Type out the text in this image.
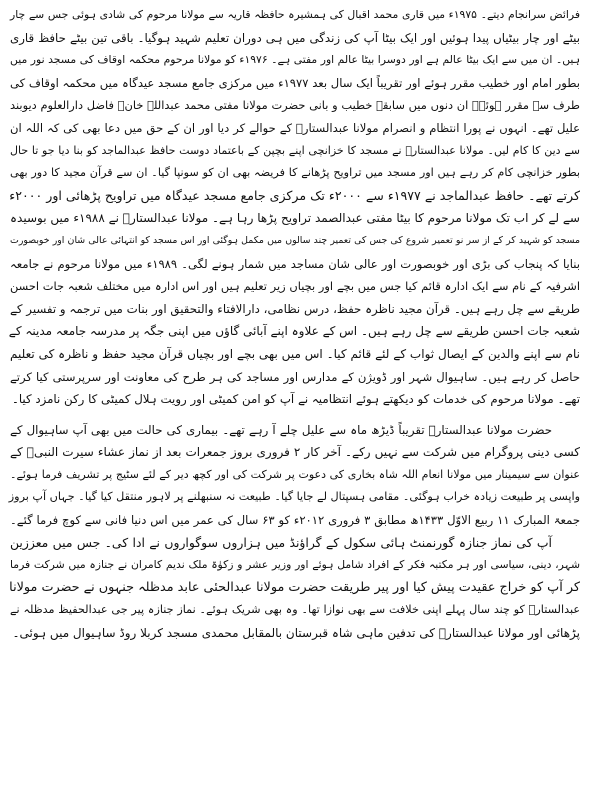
فرائض سرانجام دیتے۔ ۱۹۷۵ء میں قاری محمد اقبال کی ہمشیرہ حافظہ قاریہ سے مولانا مرحوم کی شادی ہوئی جس سے چار
بیٹے اور چار بیٹیاں پیدا ہوئیں اور ایک بیٹا آپ کی زندگی میں ہی دوران تعلیم شہید ہوگیا۔ باقی تین بیٹے حافظ قاری
ہیں۔ ان میں سے ایک بیٹا عالم ہے اور دوسرا بیٹا عالم اور مفتی ہے۔ ۱۹۷۶ء کو مولانا مرحوم محکمہ اوقاف کی مسجد نور میں
بطور امام اور خطیب مقرر ہوئے اور تقریباً ایک سال بعد ۱۹۷۷ء میں مرکزی جامع مسجد عیدگاہ میں محکمہ اوقاف کی
طرف سے مقرر ہوئے۔ ان دنوں میں سابقہ خطیب و بانی حضرت مولانا مفتی محمد عبداللہ خانؒ فاضل دارالعلوم دیوبند
علیل تھے۔ انہوں نے پورا انتظام و انصرام مولانا عبدالستارؒ کے حوالے کر دیا اور ان کے حق میں دعا بھی کی کہ اللہ ان
سے دین کا کام لیں۔ مولانا عبدالستارؒ نے مسجد کا خزانچی اپنے بچپن کے باعتماد دوست حافظ عبدالماجد کو بنا دیا جو تا حال
بطور خزانچی کام کر رہے ہیں اور مسجد میں تراویح پڑھانے کا فریضہ بھی ان کو سونپا گیا۔ ان سے قرآن مجید کا دور بھی
کرتے تھے۔ حافظ عبدالماجد نے ۱۹۷۷ء سے ۲۰۰۰ء تک مرکزی جامع مسجد عیدگاہ میں تراویح پڑھائی اور ۲۰۰۰ء
سے لے کر اب تک مولانا مرحوم کا بیٹا مفتی عبدالصمد تراویح پڑھا رہا ہے۔ مولانا عبدالستارؒ نے ۱۹۸۸ء میں بوسیدہ
مسجد کو شہید کر کے از سر نو تعمیر شروع کی جس کی تعمیر چند سالوں میں مکمل ہوگئی اور اس مسجد کو انتہائی عالی شان اور خوبصورت
بنایا کہ پنجاب کی بڑی اور خوبصورت اور عالی شان مساجد میں شمار ہونے لگی۔ ۱۹۸۹ء میں مولانا مرحوم نے جامعہ
اشرفیہ کے نام سے ایک ادارہ قائم کیا جس میں بچے اور بچیاں زیر تعلیم ہیں اور اس ادارہ میں مختلف شعبہ جات احسن
طریقے سے چل رہے ہیں۔ قرآن مجید ناظرہ حفظ، درس نظامی، دارالافتاء والتحقیق اور بنات میں ترجمہ و تفسیر کے
شعبہ جات احسن طریقے سے چل رہے ہیں۔ اس کے علاوہ اپنے آبائی گاؤں میں اپنی جگہ پر مدرسہ جامعہ مدینہ کے
نام سے اپنے والدین کے ایصال ثواب کے لئے قائم کیا۔ اس میں بھی بچے اور بچیاں قرآن مجید حفظ و ناظرہ کی تعلیم
حاصل کر رہے ہیں۔ ساہیوال شہر اور ڈویژن کے مدارس اور مساجد کی ہر طرح کی معاونت اور سرپرستی کیا کرتے
تھے۔ مولانا مرحوم کی خدمات کو دیکھتے ہوئے انتظامیہ نے آپ کو امن کمیٹی اور رویت ہلال کمیٹی کا رکن نامزد کیا۔
حضرت مولانا عبدالستارؒ تقریباً ڈیڑھ ماہ سے علیل چلے آ رہے تھے۔ بیماری کی حالت میں بھی آپ ساہیوال کے
کسی دینی پروگرام میں شرکت سے نہیں رکے۔ آخر کار ۲ فروری بروز جمعرات بعد از نماز عشاء سیرت النبیؐ کے
عنوان سے سیمینار میں مولانا انعام اللہ شاہ بخاری کی دعوت پر شرکت کی اور کچھ دیر کے لئے سٹیج پر تشریف فرما ہوئے۔
واپسی پر طبیعت زیادہ خراب ہوگئی۔ مقامی ہسپتال لے جایا گیا۔ طبیعت نہ سنبھلنے پر لاہور منتقل کیا گیا۔ جہاں آپ بروز
جمعۃ المبارک ۱۱ ربیع الاوّل ۱۴۳۳ھ مطابق ۳ فروری ۲۰۱۲ء کو ۶۳ سال کی عمر میں اس دنیا فانی سے کوچ فرما گئے۔
آپ کی نماز جنازہ گورنمنٹ ہائی سکول کے گراؤنڈ میں ہزاروں سوگواروں نے ادا کی۔ جس میں معززین
شہر، دینی، سیاسی اور ہر مکتبہ فکر کے افراد شامل ہوئے اور وزیر عشر و زکوٰۃ ملک ندیم کامران نے جنازہ میں شرکت فرما
کر آپ کو خراج عقیدت پیش کیا اور پیر طریقت حضرت مولانا عبدالحئی عابد مدظلہ جنہوں نے حضرت مولانا
عبدالستارؒ کو چند سال پہلے اپنی خلافت سے بھی نوازا تھا۔ وہ بھی شریک ہوئے۔ نماز جنازہ پیر جی عبدالحفیظ مدظلہ نے
پڑھائی اور مولانا عبدالستارؒ کی تدفین ماہی شاہ قبرستان بالمقابل محمدی مسجد کربلا روڈ ساہیوال میں ہوئی۔
